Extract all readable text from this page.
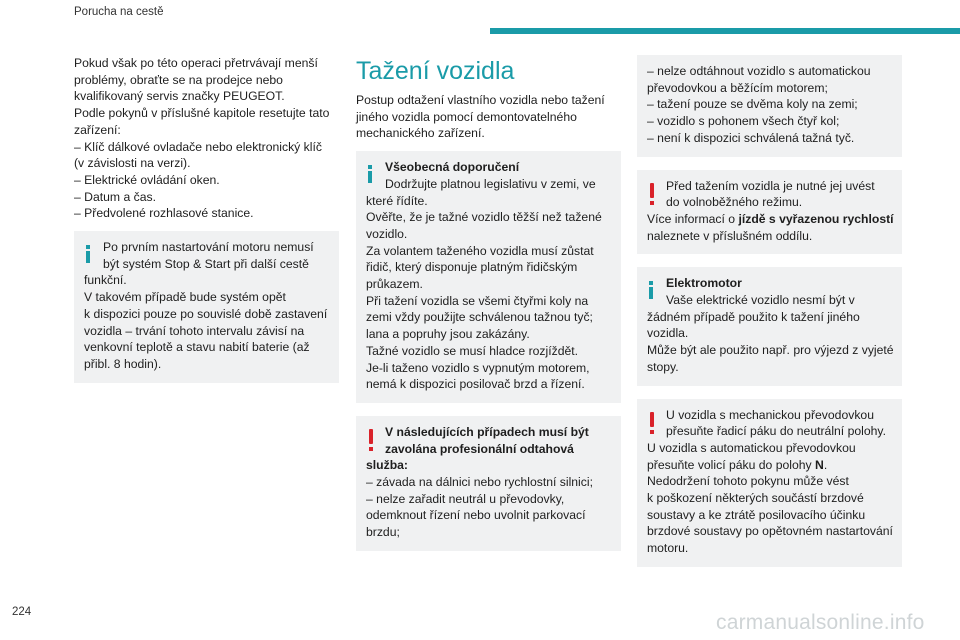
Porucha na cestě

Pokud však po této operaci přetrvávají menší
problémy, obraťte se na prodejce nebo
kvalifikovaný servis značky PEUGEOT.
Podle pokynů v příslušné kapitole resetujte tato
zařízení:
– Klíč dálkové ovladače nebo elektronický klíč
(v závislosti na verzi).
– Elektrické ovládání oken.
– Datum a čas.
– Předvolené rozhlasové stanice.

Po prvním nastartování motoru nemusí
být systém Stop & Start při další cestě
funkční.
V takovém případě bude systém opět
k dispozici pouze po souvislé době zastavení
vozidla – trvání tohoto intervalu závisí na
venkovní teplotě a stavu nabití baterie (až
přibl. 8 hodin).

Tažení vozidla

Postup odtažení vlastního vozidla nebo tažení
jiného vozidla pomocí demontovatelného
mechanického zařízení.

Všeobecná doporučení
Dodržujte platnou legislativu v zemi, ve
které řídíte.
Ověřte, že je tažné vozidlo těžší než tažené
vozidlo.
Za volantem taženého vozidla musí zůstat
řidič, který disponuje platným řidičským
průkazem.
Při tažení vozidla se všemi čtyřmi koly na
zemi vždy použijte schválenou tažnou tyč;
lana a popruhy jsou zakázány.
Tažné vozidlo se musí hladce rozjíždět.
Je-li taženo vozidlo s vypnutým motorem,
nemá k dispozici posilovač brzd a řízení.

V následujících případech musí být
zavolána profesionální odtahová
služba:
– závada na dálnici nebo rychlostní silnici;
– nelze zařadit neutrál u převodovky,
odemknout řízení nebo uvolnit parkovací
brzdu;

– nelze odtáhnout vozidlo s automatickou
převodovkou a běžícím motorem;
– tažení pouze se dvěma koly na zemi;
– vozidlo s pohonem všech čtyř kol;
– není k dispozici schválená tažná tyč.

Před tažením vozidla je nutné jej uvést
do volnoběžného režimu.
Více informací o jízdě s vyřazenou rychlostí
naleznete v příslušném oddílu.

Elektromotor
Vaše elektrické vozidlo nesmí být v
žádném případě použito k tažení jiného
vozidla.
Může být ale použito např. pro výjezd z vyjeté
stopy.

U vozidla s mechanickou převodovkou
přesuňte řadicí páku do neutrální polohy.
U vozidla s automatickou převodovkou
přesuňte volicí páku do polohy N.
Nedodržení tohoto pokynu může vést
k poškození některých součástí brzdové
soustavy a ke ztrátě posilovacího účinku
brzdové soustavy po opětovném nastartování
motoru.

224	carmanualsonline.info
